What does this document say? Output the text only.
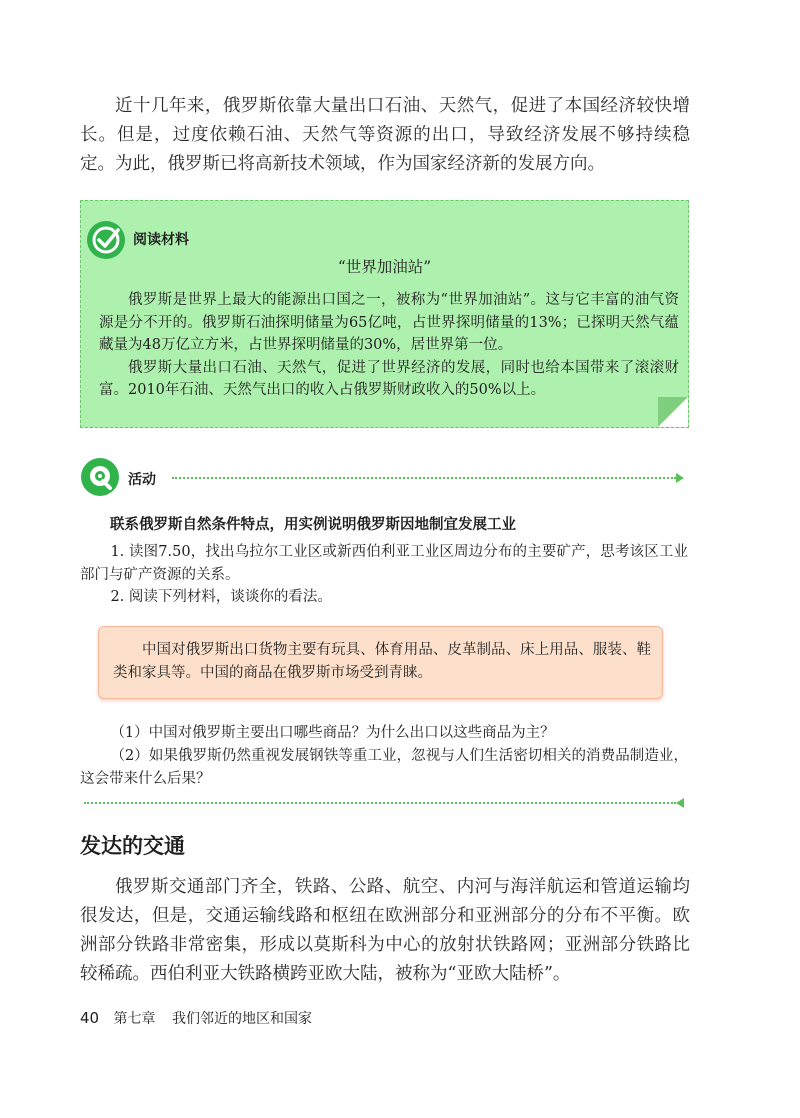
近十几年来，俄罗斯依靠大量出口石油、天然气，促进了本国经济较快增长。但是，过度依赖石油、天然气等资源的出口，导致经济发展不够持续稳定。为此，俄罗斯已将高新技术领域，作为国家经济新的发展方向。

阅读材料
“世界加油站”

俄罗斯是世界上最大的能源出口国之一，被称为“世界加油站”。这与它丰富的油气资源是分不开的。俄罗斯石油探明储量为65亿吨，占世界探明储量的13%；已探明天然气蕴藏量为48万亿立方米，占世界探明储量的30%，居世界第一位。

俄罗斯大量出口石油、天然气，促进了世界经济的发展，同时也给本国带来了滚滚财富。2010年石油、天然气出口的收入占俄罗斯财政收入的50%以上。

活动
联系俄罗斯自然条件特点，用实例说明俄罗斯因地制宜发展工业

1. 读图7.50，找出乌拉尔工业区或新西伯利亚工业区周边分布的主要矿产，思考该区工业部门与矿产资源的关系。

2. 阅读下列材料，谈谈你的看法。

中国对俄罗斯出口货物主要有玩具、体育用品、皮革制品、床上用品、服装、鞋类和家具等。中国的商品在俄罗斯市场受到青睐。

（1）中国对俄罗斯主要出口哪些商品？为什么出口以这些商品为主？

（2）如果俄罗斯仍然重视发展钢铁等重工业，忽视与人们生活密切相关的消费品制造业，这会带来什么后果？

发达的交通

俄罗斯交通部门齐全，铁路、公路、航空、内河与海洋航运和管道运输均很发达，但是，交通运输线路和枢纽在欧洲部分和亚洲部分的分布不平衡。欧洲部分铁路非常密集，形成以莫斯科为中心的放射状铁路网；亚洲部分铁路比较稀疏。西伯利亚大铁路横跨亚欧大陆，被称为“亚欧大陆桥”。

40 第七章 我们邻近的地区和国家
